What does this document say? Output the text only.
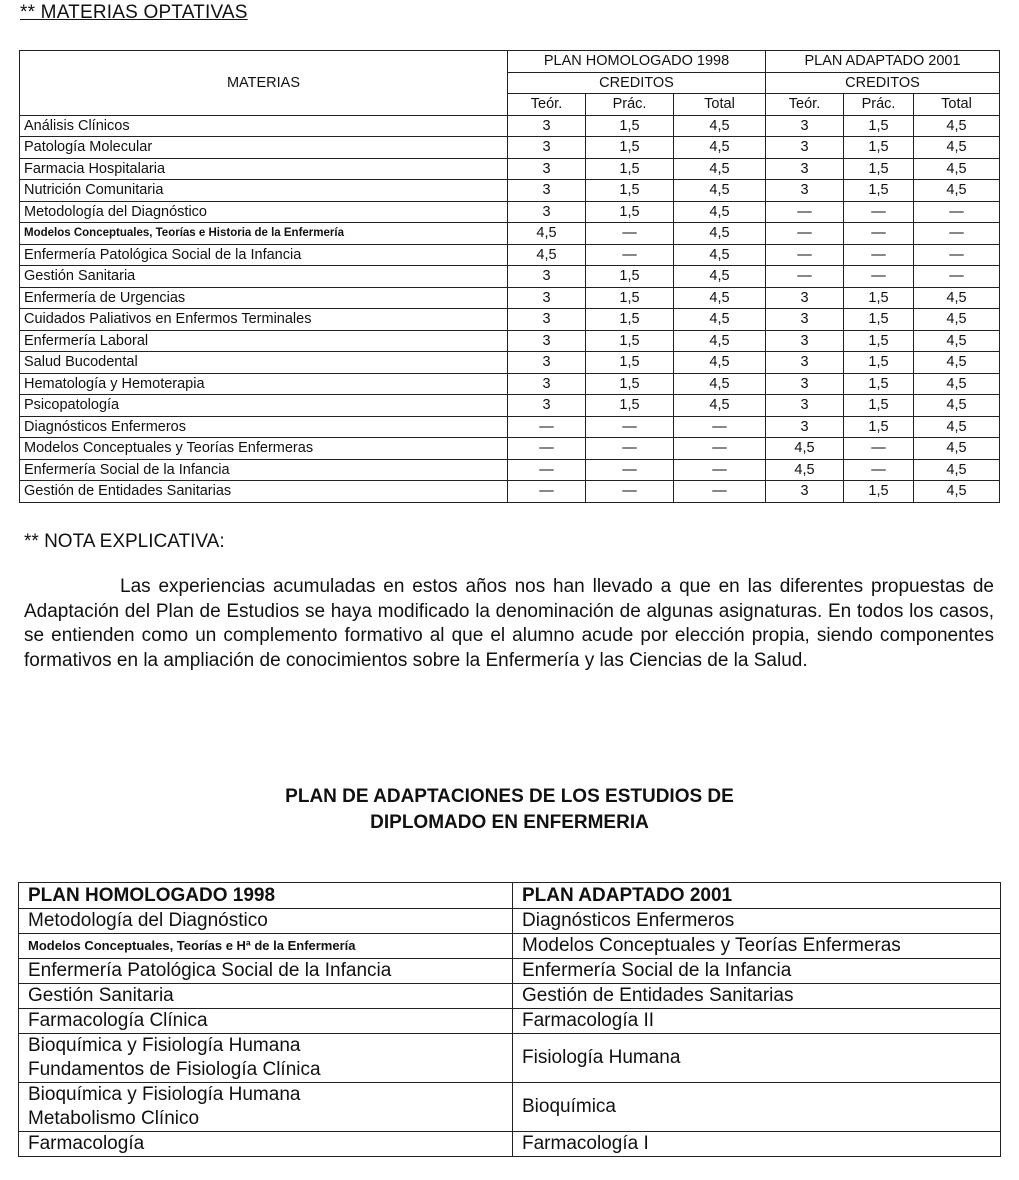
** MATERIAS OPTATIVAS
MATERIAS	PLAN HOMOLOGADO 1998			PLAN ADAPTADO 2001		
	CREDITOS			CREDITOS		
	Teór.	Prác.	Total	Teór.	Prác.	Total
Análisis Clínicos	3	1,5	4,5	3	1,5	4,5
Patología Molecular	3	1,5	4,5	3	1,5	4,5
Farmacia Hospitalaria	3	1,5	4,5	3	1,5	4,5
Nutrición Comunitaria	3	1,5	4,5	3	1,5	4,5
Metodología del Diagnóstico	3	1,5	4,5	—	—	—
Modelos Conceptuales, Teorías e Historia de la Enfermería	4,5	—	4,5	—	—	—
Enfermería Patológica Social de la Infancia	4,5	—	4,5	—	—	—
Gestión Sanitaria	3	1,5	4,5	—	—	—
Enfermería de Urgencias	3	1,5	4,5	3	1,5	4,5
Cuidados Paliativos en Enfermos Terminales	3	1,5	4,5	3	1,5	4,5
Enfermería Laboral	3	1,5	4,5	3	1,5	4,5
Salud Bucodental	3	1,5	4,5	3	1,5	4,5
Hematología y Hemoterapia	3	1,5	4,5	3	1,5	4,5
Psicopatología	3	1,5	4,5	3	1,5	4,5
Diagnósticos Enfermeros	—	—	—	3	1,5	4,5
Modelos Conceptuales y Teorías Enfermeras	—	—	—	4,5	—	4,5
Enfermería Social de la Infancia	—	—	—	4,5	—	4,5
Gestión de Entidades Sanitarias	—	—	—	3	1,5	4,5
** NOTA EXPLICATIVA:
Las experiencias acumuladas en estos años nos han llevado a que en las diferentes propuestas de Adaptación del Plan de Estudios se haya modificado la denominación de algunas asignaturas. En todos los casos, se entienden como un complemento formativo al que el alumno acude por elección propia, siendo componentes formativos en la ampliación de conocimientos sobre la Enfermería y las Ciencias de la Salud.
PLAN DE ADAPTACIONES DE LOS ESTUDIOS DE
DIPLOMADO EN ENFERMERIA
PLAN HOMOLOGADO 1998	PLAN ADAPTADO 2001
Metodología del Diagnóstico	Diagnósticos Enfermeros
Modelos Conceptuales, Teorías e Hª de la Enfermería	Modelos Conceptuales y Teorías Enfermeras
Enfermería Patológica Social de la Infancia	Enfermería Social de la Infancia
Gestión Sanitaria	Gestión de Entidades Sanitarias
Farmacología Clínica	Farmacología II

Bioquímica y Fisiología Humana
Fundamentos de Fisiología Clínica	Fisiología Humana

Bioquímica y Fisiología Humana
Metabolismo Clínico	Bioquímica
Farmacología	Farmacología I
